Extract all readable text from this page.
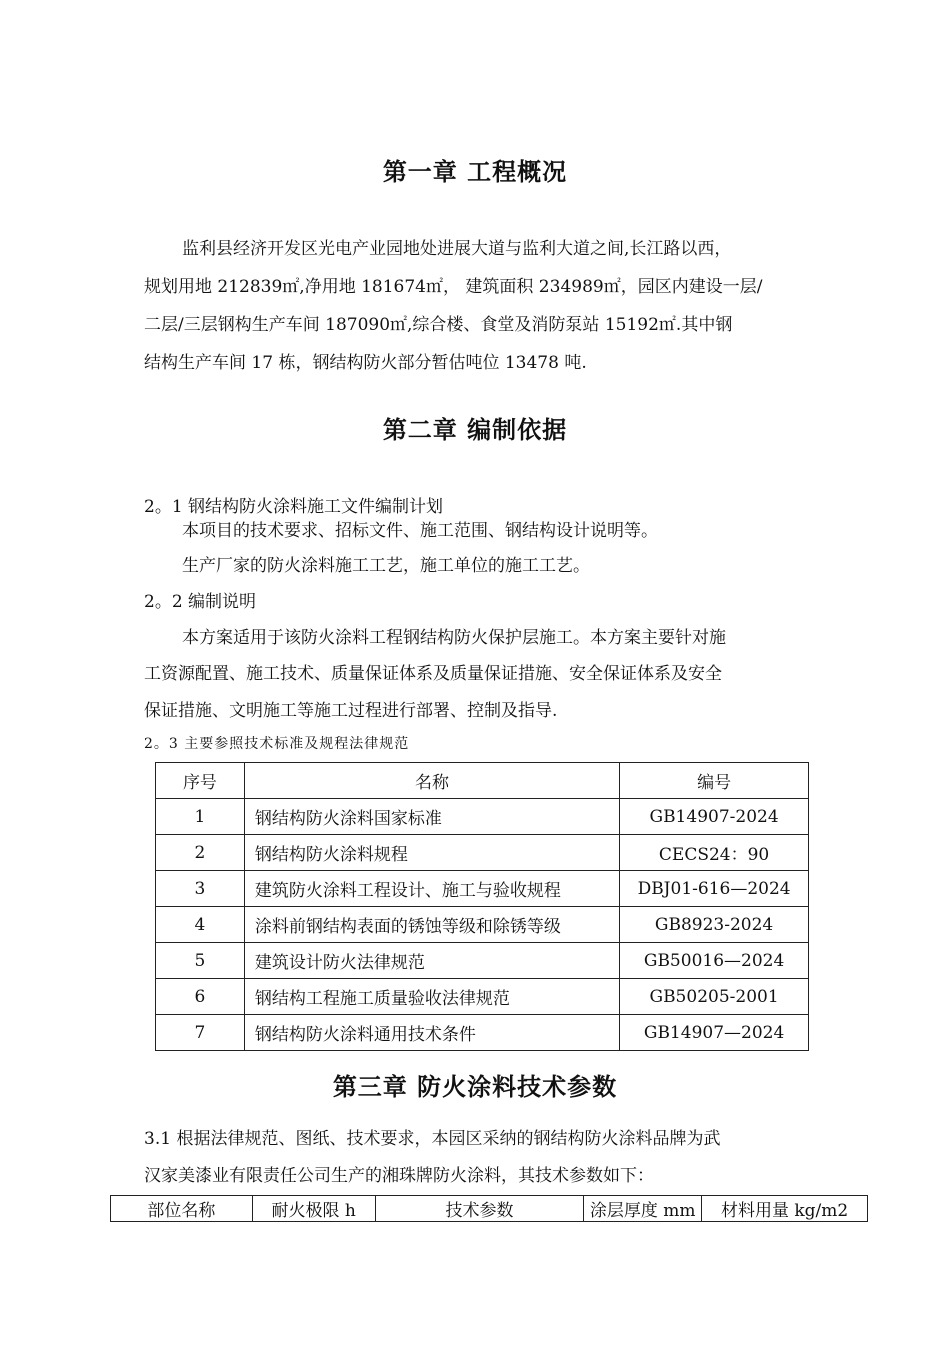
第一章 工程概况
监利县经济开发区光电产业园地处进展大道与监利大道之间,长江路以西，
规划用地 212839㎡,净用地 181674㎡， 建筑面积 234989㎡，园区内建设一层/
二层/三层钢构生产车间 187090㎡,综合楼、食堂及消防泵站 15192㎡.其中钢
结构生产车间 17 栋，钢结构防火部分暂估吨位 13478 吨.
第二章 编制依据
2。1 钢结构防火涂料施工文件编制计划
本项目的技术要求、招标文件、施工范围、钢结构设计说明等。
生产厂家的防火涂料施工工艺，施工单位的施工工艺。
2。2 编制说明
本方案适用于该防火涂料工程钢结构防火保护层施工。本方案主要针对施
工资源配置、施工技术、质量保证体系及质量保证措施、安全保证体系及安全
保证措施、文明施工等施工过程进行部署、控制及指导.
2。3 主要参照技术标准及规程法律规范
序号	名称	编号
1	钢结构防火涂料国家标准	GB14907-2024
2	钢结构防火涂料规程	CECS24：90
3	建筑防火涂料工程设计、施工与验收规程	DBJ01-616—2024
4	涂料前钢结构表面的锈蚀等级和除锈等级	GB8923-2024
5	建筑设计防火法律规范	GB50016—2024
6	钢结构工程施工质量验收法律规范	GB50205-2001
7	钢结构防火涂料通用技术条件	GB14907—2024
第三章 防火涂料技术参数
3.1 根据法律规范、图纸、技术要求，本园区采纳的钢结构防火涂料品牌为武
汉家美漆业有限责任公司生产的湘珠牌防火涂料，其技术参数如下：
部位名称	耐火极限 h	技术参数	涂层厚度 mm	材料用量 kg/m2
